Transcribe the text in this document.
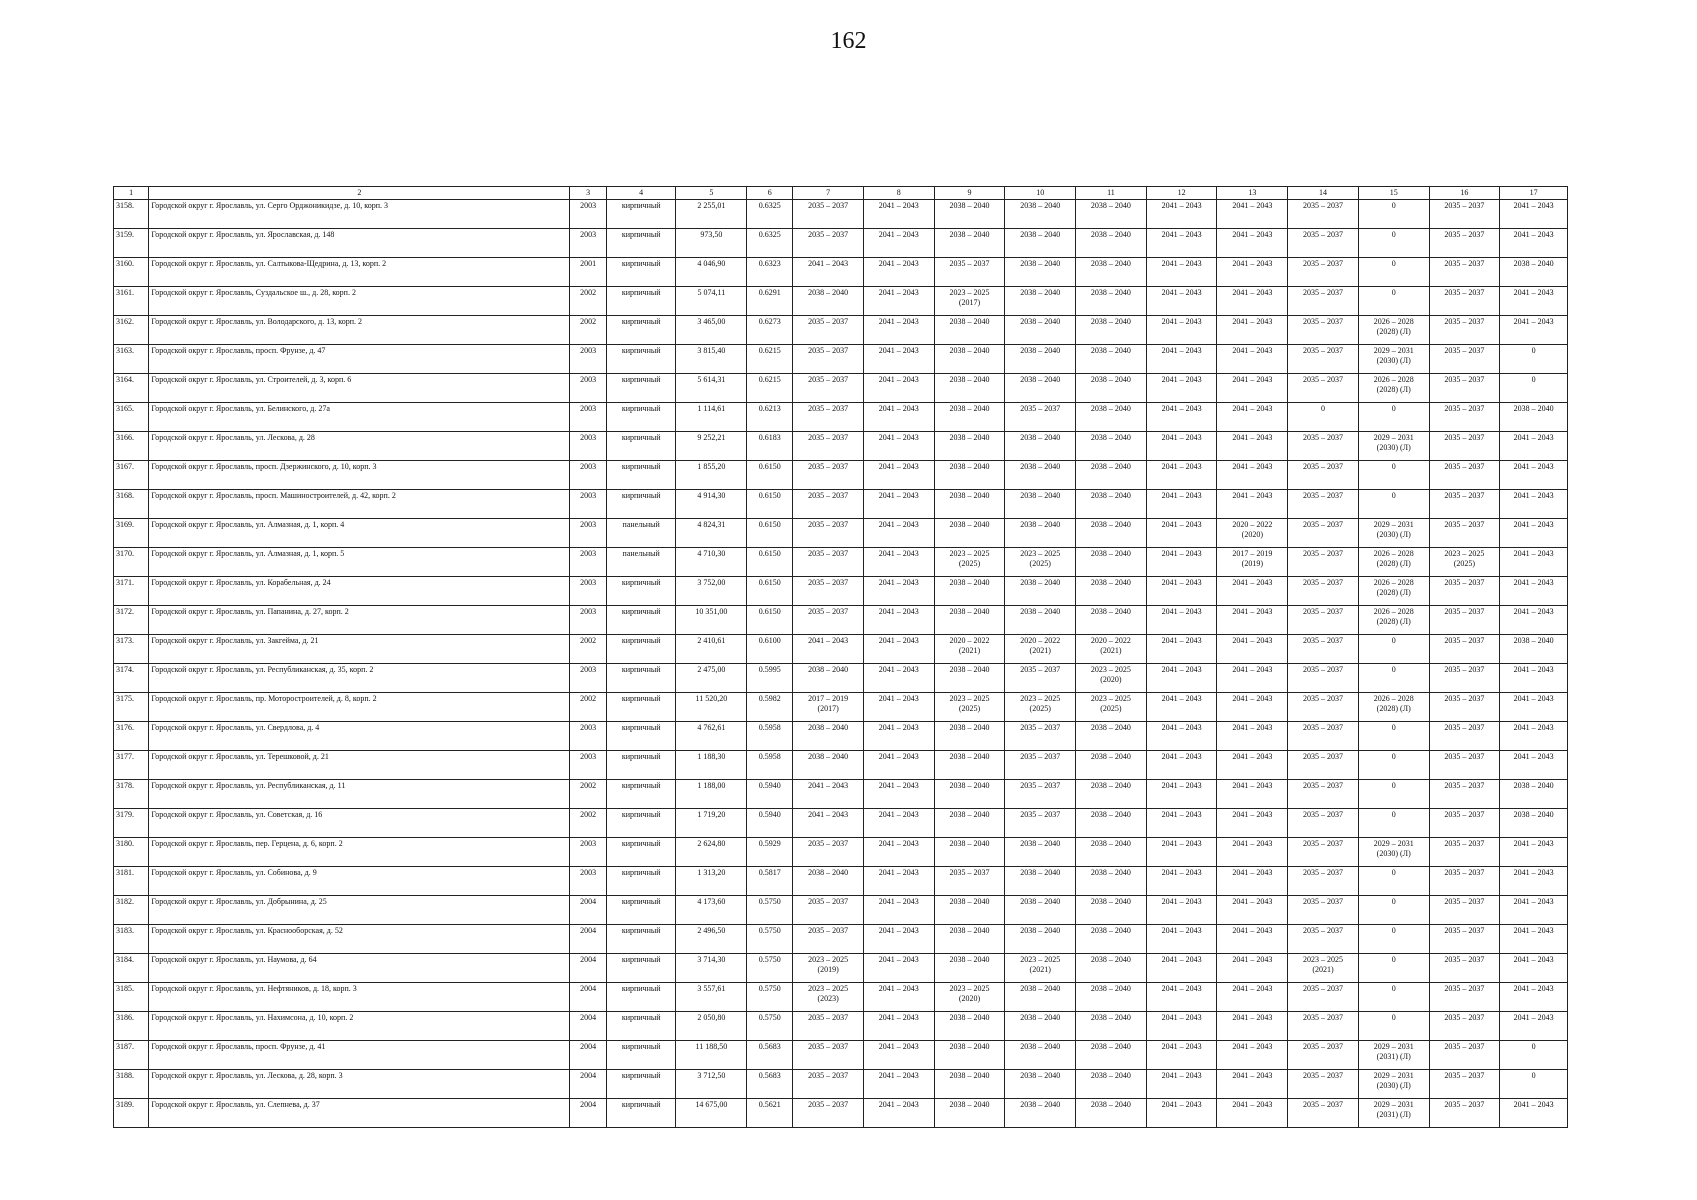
162
1	2	3	4	5	6	7	8	9	10	11	12	13	14	15	16	17
3158.	Городской округ г. Ярославль, ул. Серго Орджоникидзе, д. 10, корп. 3	2003	кирпичный	2 255,01	0.6325	2035 – 2037	2041 – 2043	2038 – 2040	2038 – 2040	2038 – 2040	2041 – 2043	2041 – 2043	2035 – 2037	0	2035 – 2037	2041 – 2043
3159.	Городской округ г. Ярославль, ул. Ярославская, д. 148	2003	кирпичный	973,50	0.6325	2035 – 2037	2041 – 2043	2038 – 2040	2038 – 2040	2038 – 2040	2041 – 2043	2041 – 2043	2035 – 2037	0	2035 – 2037	2041 – 2043
3160.	Городской округ г. Ярославль, ул. Салтыкова-Щедрина, д. 13, корп. 2	2001	кирпичный	4 046,90	0.6323	2041 – 2043	2041 – 2043	2035 – 2037	2038 – 2040	2038 – 2040	2041 – 2043	2041 – 2043	2035 – 2037	0	2035 – 2037	2038 – 2040
3161.	Городской округ г. Ярославль, Суздальское ш., д. 28, корп. 2	2002	кирпичный	5 074,11	0.6291	2038 – 2040	2041 – 2043	2023 – 2025
(2017)	2038 – 2040	2038 – 2040	2041 – 2043	2041 – 2043	2035 – 2037	0	2035 – 2037	2041 – 2043
3162.	Городской округ г. Ярославль, ул. Володарского, д. 13, корп. 2	2002	кирпичный	3 465,00	0.6273	2035 – 2037	2041 – 2043	2038 – 2040	2038 – 2040	2038 – 2040	2041 – 2043	2041 – 2043	2035 – 2037	2026 – 2028
(2028) (Л)	2035 – 2037	2041 – 2043
3163.	Городской округ г. Ярославль, просп. Фрунзе, д. 47	2003	кирпичный	3 815,40	0.6215	2035 – 2037	2041 – 2043	2038 – 2040	2038 – 2040	2038 – 2040	2041 – 2043	2041 – 2043	2035 – 2037	2029 – 2031
(2030) (Л)	2035 – 2037	0
3164.	Городской округ г. Ярославль, ул. Строителей, д. 3, корп. 6	2003	кирпичный	5 614,31	0.6215	2035 – 2037	2041 – 2043	2038 – 2040	2038 – 2040	2038 – 2040	2041 – 2043	2041 – 2043	2035 – 2037	2026 – 2028
(2028) (Л)	2035 – 2037	0
3165.	Городской округ г. Ярославль, ул. Белинского, д. 27а	2003	кирпичный	1 114,61	0.6213	2035 – 2037	2041 – 2043	2038 – 2040	2035 – 2037	2038 – 2040	2041 – 2043	2041 – 2043	0	0	2035 – 2037	2038 – 2040
3166.	Городской округ г. Ярославль, ул. Лескова, д. 28	2003	кирпичный	9 252,21	0.6183	2035 – 2037	2041 – 2043	2038 – 2040	2038 – 2040	2038 – 2040	2041 – 2043	2041 – 2043	2035 – 2037	2029 – 2031
(2030) (Л)	2035 – 2037	2041 – 2043
3167.	Городской округ г. Ярославль, просп. Дзержинского, д. 10, корп. 3	2003	кирпичный	1 855,20	0.6150	2035 – 2037	2041 – 2043	2038 – 2040	2038 – 2040	2038 – 2040	2041 – 2043	2041 – 2043	2035 – 2037	0	2035 – 2037	2041 – 2043
3168.	Городской округ г. Ярославль, просп. Машиностроителей, д. 42, корп. 2	2003	кирпичный	4 914,30	0.6150	2035 – 2037	2041 – 2043	2038 – 2040	2038 – 2040	2038 – 2040	2041 – 2043	2041 – 2043	2035 – 2037	0	2035 – 2037	2041 – 2043
3169.	Городской округ г. Ярославль, ул. Алмазная, д. 1, корп. 4	2003	панельный	4 824,31	0.6150	2035 – 2037	2041 – 2043	2038 – 2040	2038 – 2040	2038 – 2040	2041 – 2043	2020 – 2022
(2020)	2035 – 2037	2029 – 2031
(2030) (Л)	2035 – 2037	2041 – 2043
3170.	Городской округ г. Ярославль, ул. Алмазная, д. 1, корп. 5	2003	панельный	4 710,30	0.6150	2035 – 2037	2041 – 2043	2023 – 2025
(2025)	2023 – 2025
(2025)	2038 – 2040	2041 – 2043	2017 – 2019
(2019)	2035 – 2037	2026 – 2028
(2028) (Л)	2023 – 2025
(2025)	2041 – 2043
3171.	Городской округ г. Ярославль, ул. Корабельная, д. 24	2003	кирпичный	3 752,00	0.6150	2035 – 2037	2041 – 2043	2038 – 2040	2038 – 2040	2038 – 2040	2041 – 2043	2041 – 2043	2035 – 2037	2026 – 2028
(2028) (Л)	2035 – 2037	2041 – 2043
3172.	Городской округ г. Ярославль, ул. Папанина, д. 27, корп. 2	2003	кирпичный	10 351,00	0.6150	2035 – 2037	2041 – 2043	2038 – 2040	2038 – 2040	2038 – 2040	2041 – 2043	2041 – 2043	2035 – 2037	2026 – 2028
(2028) (Л)	2035 – 2037	2041 – 2043
3173.	Городской округ г. Ярославль, ул. Закгейма, д. 21	2002	кирпичный	2 410,61	0.6100	2041 – 2043	2041 – 2043	2020 – 2022
(2021)	2020 – 2022
(2021)	2020 – 2022
(2021)	2041 – 2043	2041 – 2043	2035 – 2037	0	2035 – 2037	2038 – 2040
3174.	Городской округ г. Ярославль, ул. Республиканская, д. 35, корп. 2	2003	кирпичный	2 475,00	0.5995	2038 – 2040	2041 – 2043	2038 – 2040	2035 – 2037	2023 – 2025
(2020)	2041 – 2043	2041 – 2043	2035 – 2037	0	2035 – 2037	2041 – 2043
3175.	Городской округ г. Ярославль, пр. Моторостроителей, д. 8, корп. 2	2002	кирпичный	11 520,20	0.5982	2017 – 2019
(2017)	2041 – 2043	2023 – 2025
(2025)	2023 – 2025
(2025)	2023 – 2025
(2025)	2041 – 2043	2041 – 2043	2035 – 2037	2026 – 2028
(2028) (Л)	2035 – 2037	2041 – 2043
3176.	Городской округ г. Ярославль, ул. Свердлова, д. 4	2003	кирпичный	4 762,61	0.5958	2038 – 2040	2041 – 2043	2038 – 2040	2035 – 2037	2038 – 2040	2041 – 2043	2041 – 2043	2035 – 2037	0	2035 – 2037	2041 – 2043
3177.	Городской округ г. Ярославль, ул. Терешковой, д. 21	2003	кирпичный	1 188,30	0.5958	2038 – 2040	2041 – 2043	2038 – 2040	2035 – 2037	2038 – 2040	2041 – 2043	2041 – 2043	2035 – 2037	0	2035 – 2037	2041 – 2043
3178.	Городской округ г. Ярославль, ул. Республиканская, д. 11	2002	кирпичный	1 188,00	0.5940	2041 – 2043	2041 – 2043	2038 – 2040	2035 – 2037	2038 – 2040	2041 – 2043	2041 – 2043	2035 – 2037	0	2035 – 2037	2038 – 2040
3179.	Городской округ г. Ярославль, ул. Советская, д. 16	2002	кирпичный	1 719,20	0.5940	2041 – 2043	2041 – 2043	2038 – 2040	2035 – 2037	2038 – 2040	2041 – 2043	2041 – 2043	2035 – 2037	0	2035 – 2037	2038 – 2040
3180.	Городской округ г. Ярославль, пер. Герцена, д. 6, корп. 2	2003	кирпичный	2 624,80	0.5929	2035 – 2037	2041 – 2043	2038 – 2040	2038 – 2040	2038 – 2040	2041 – 2043	2041 – 2043	2035 – 2037	2029 – 2031
(2030) (Л)	2035 – 2037	2041 – 2043
3181.	Городской округ г. Ярославль, ул. Собинова, д. 9	2003	кирпичный	1 313,20	0.5817	2038 – 2040	2041 – 2043	2035 – 2037	2038 – 2040	2038 – 2040	2041 – 2043	2041 – 2043	2035 – 2037	0	2035 – 2037	2041 – 2043
3182.	Городской округ г. Ярославль, ул. Добрынина, д. 25	2004	кирпичный	4 173,60	0.5750	2035 – 2037	2041 – 2043	2038 – 2040	2038 – 2040	2038 – 2040	2041 – 2043	2041 – 2043	2035 – 2037	0	2035 – 2037	2041 – 2043
3183.	Городской округ г. Ярославль, ул. Краснооборская, д. 52	2004	кирпичный	2 496,50	0.5750	2035 – 2037	2041 – 2043	2038 – 2040	2038 – 2040	2038 – 2040	2041 – 2043	2041 – 2043	2035 – 2037	0	2035 – 2037	2041 – 2043
3184.	Городской округ г. Ярославль, ул. Наумова, д. 64	2004	кирпичный	3 714,30	0.5750	2023 – 2025
(2019)	2041 – 2043	2038 – 2040	2023 – 2025
(2021)	2038 – 2040	2041 – 2043	2041 – 2043	2023 – 2025
(2021)	0	2035 – 2037	2041 – 2043
3185.	Городской округ г. Ярославль, ул. Нефтяников, д. 18, корп. 3	2004	кирпичный	3 557,61	0.5750	2023 – 2025
(2023)	2041 – 2043	2023 – 2025
(2020)	2038 – 2040	2038 – 2040	2041 – 2043	2041 – 2043	2035 – 2037	0	2035 – 2037	2041 – 2043
3186.	Городской округ г. Ярославль, ул. Нахимсона, д. 10, корп. 2	2004	кирпичный	2 050,80	0.5750	2035 – 2037	2041 – 2043	2038 – 2040	2038 – 2040	2038 – 2040	2041 – 2043	2041 – 2043	2035 – 2037	0	2035 – 2037	2041 – 2043
3187.	Городской округ г. Ярославль, просп. Фрунзе, д. 41	2004	кирпичный	11 188,50	0.5683	2035 – 2037	2041 – 2043	2038 – 2040	2038 – 2040	2038 – 2040	2041 – 2043	2041 – 2043	2035 – 2037	2029 – 2031
(2031) (Л)	2035 – 2037	0
3188.	Городской округ г. Ярославль, ул. Лескова, д. 28, корп. 3	2004	кирпичный	3 712,50	0.5683	2035 – 2037	2041 – 2043	2038 – 2040	2038 – 2040	2038 – 2040	2041 – 2043	2041 – 2043	2035 – 2037	2029 – 2031
(2030) (Л)	2035 – 2037	0
3189.	Городской округ г. Ярославль, ул. Слепнева, д. 37	2004	кирпичный	14 675,00	0.5621	2035 – 2037	2041 – 2043	2038 – 2040	2038 – 2040	2038 – 2040	2041 – 2043	2041 – 2043	2035 – 2037	2029 – 2031
(2031) (Л)	2035 – 2037	2041 – 2043
